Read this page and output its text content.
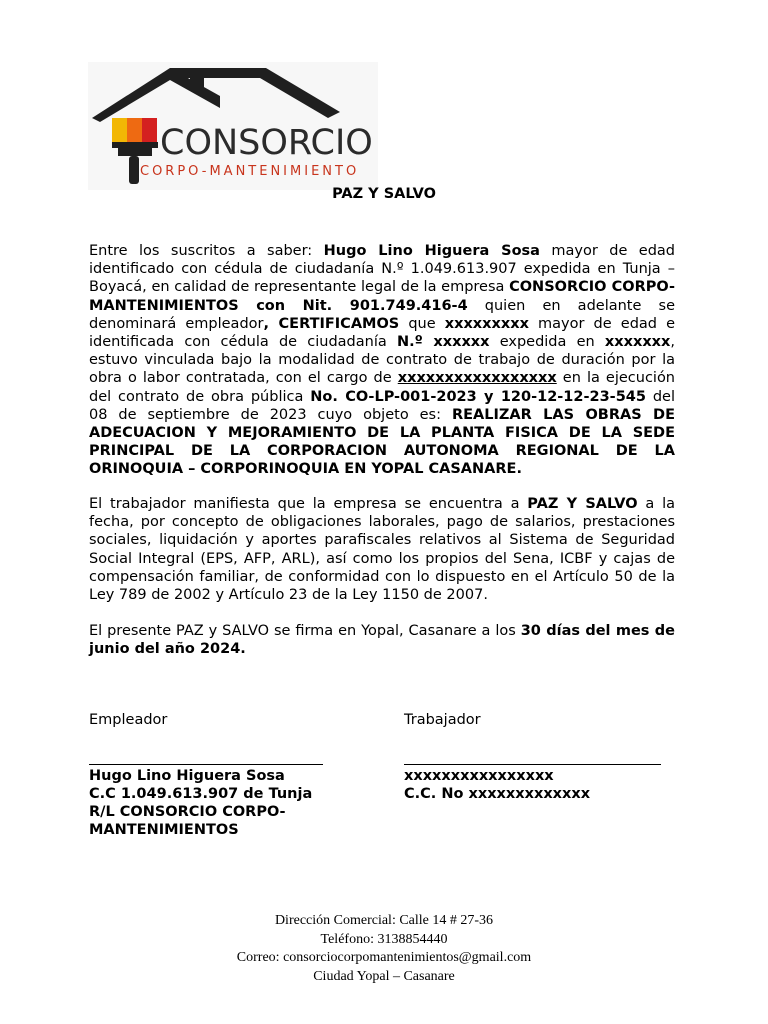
CONSORCIO
CORPO-MANTENIMIENTO
PAZ Y SALVO
Entre los suscritos a saber: Hugo Lino Higuera Sosa mayor de edad identificado con cédula de ciudadanía N.º 1.049.613.907 expedida en Tunja – Boyacá, en calidad de representante legal de la empresa CONSORCIO CORPO-MANTENIMIENTOS con Nit. 901.749.416-4 quien en adelante se denominará empleador, CERTIFICAMOS que xxxxxxxxx mayor de edad e identificada con cédula de ciudadanía N.º xxxxxx expedida en xxxxxxx, estuvo vinculada bajo la modalidad de contrato de trabajo de duración por la obra o labor contratada, con el cargo de xxxxxxxxxxxxxxxxx en la ejecución del contrato de obra pública No. CO-LP-001-2023 y 120-12-12-23-545 del 08 de septiembre de 2023 cuyo objeto es: REALIZAR LAS OBRAS DE ADECUACION Y MEJORAMIENTO DE LA PLANTA FISICA DE LA SEDE PRINCIPAL DE LA CORPORACION AUTONOMA REGIONAL DE LA ORINOQUIA – CORPORINOQUIA EN YOPAL CASANARE.
El trabajador manifiesta que la empresa se encuentra a PAZ Y SALVO a la fecha, por concepto de obligaciones laborales, pago de salarios, prestaciones sociales, liquidación y aportes parafiscales relativos al Sistema de Seguridad Social Integral (EPS, AFP, ARL), así como los propios del Sena, ICBF y cajas de compensación familiar, de conformidad con lo dispuesto en el Artículo 50 de la Ley 789 de 2002 y Artículo 23 de la Ley 1150 de 2007.
El presente PAZ y SALVO se firma en Yopal, Casanare a los 30 días del mes de junio del año 2024.
Empleador	Trabajador
Hugo Lino Higuera Sosa
C.C 1.049.613.907 de Tunja
R/L CONSORCIO CORPO-
MANTENIMIENTOS
xxxxxxxxxxxxxxxx
C.C. No xxxxxxxxxxxxx
Dirección Comercial: Calle 14 # 27-36
Teléfono: 3138854440
Correo: consorciocorpomantenimientos@gmail.com
Ciudad Yopal – Casanare
